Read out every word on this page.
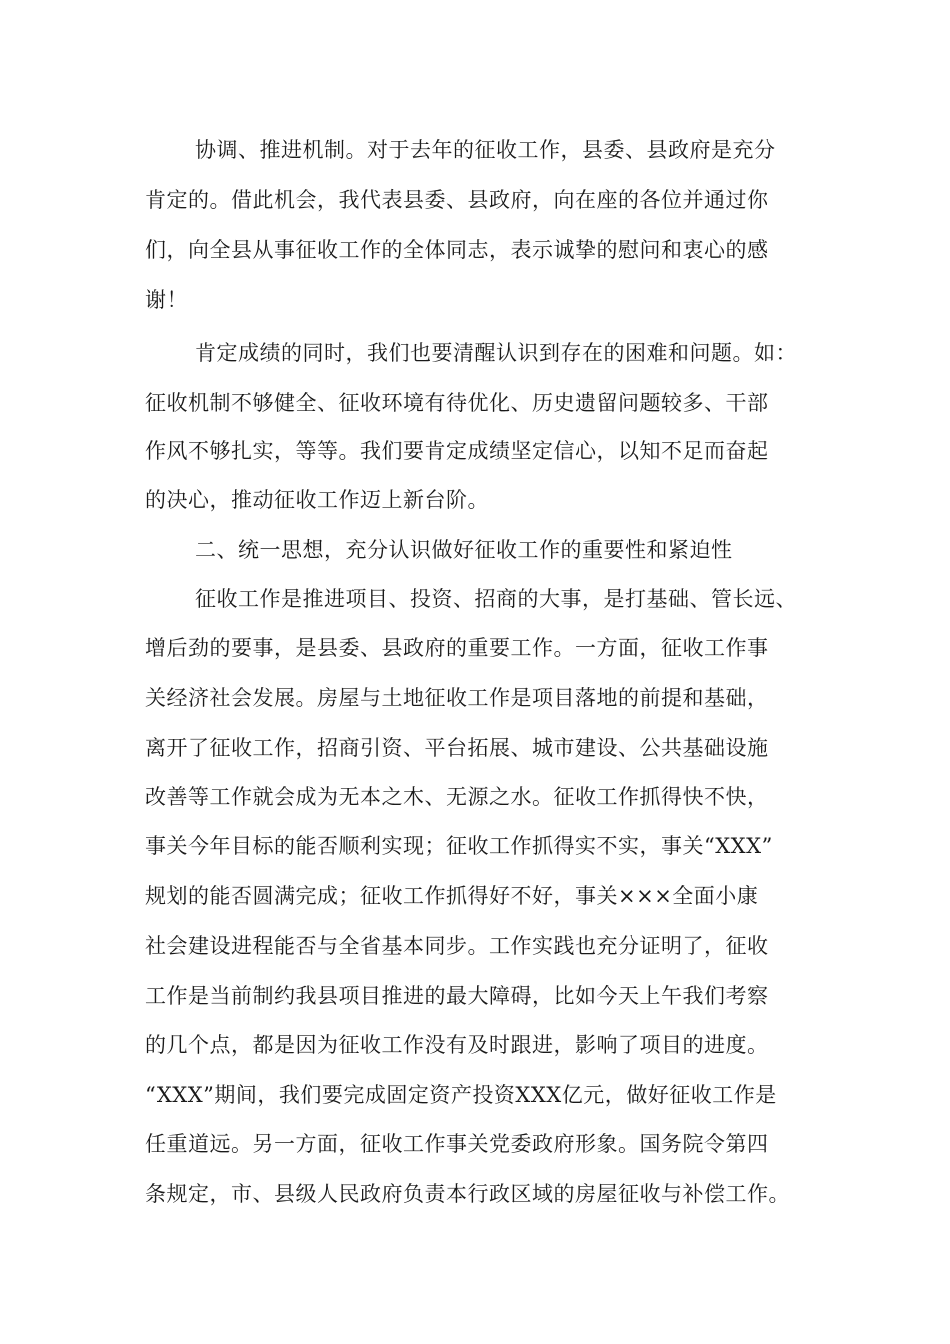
协调、推进机制。对于去年的征收工作，县委、县政府是充分
肯定的。借此机会，我代表县委、县政府，向在座的各位并通过你
们，向全县从事征收工作的全体同志，表示诚挚的慰问和衷心的感
谢！
肯定成绩的同时，我们也要清醒认识到存在的困难和问题。如：
征收机制不够健全、征收环境有待优化、历史遗留问题较多、干部
作风不够扎实，等等。我们要肯定成绩坚定信心，以知不足而奋起
的决心，推动征收工作迈上新台阶。
二、统一思想，充分认识做好征收工作的重要性和紧迫性
征收工作是推进项目、投资、招商的大事，是打基础、管长远、
增后劲的要事，是县委、县政府的重要工作。一方面，征收工作事
关经济社会发展。房屋与土地征收工作是项目落地的前提和基础，
离开了征收工作，招商引资、平台拓展、城市建设、公共基础设施
改善等工作就会成为无本之木、无源之水。征收工作抓得快不快，
事关今年目标的能否顺利实现；征收工作抓得实不实，事关“XXX”
规划的能否圆满完成；征收工作抓得好不好，事关×××全面小康
社会建设进程能否与全省基本同步。工作实践也充分证明了，征收
工作是当前制约我县项目推进的最大障碍，比如今天上午我们考察
的几个点，都是因为征收工作没有及时跟进，影响了项目的进度。
“XXX”期间，我们要完成固定资产投资XXX亿元，做好征收工作是
任重道远。另一方面，征收工作事关党委政府形象。国务院令第四
条规定，市、县级人民政府负责本行政区域的房屋征收与补偿工作。
